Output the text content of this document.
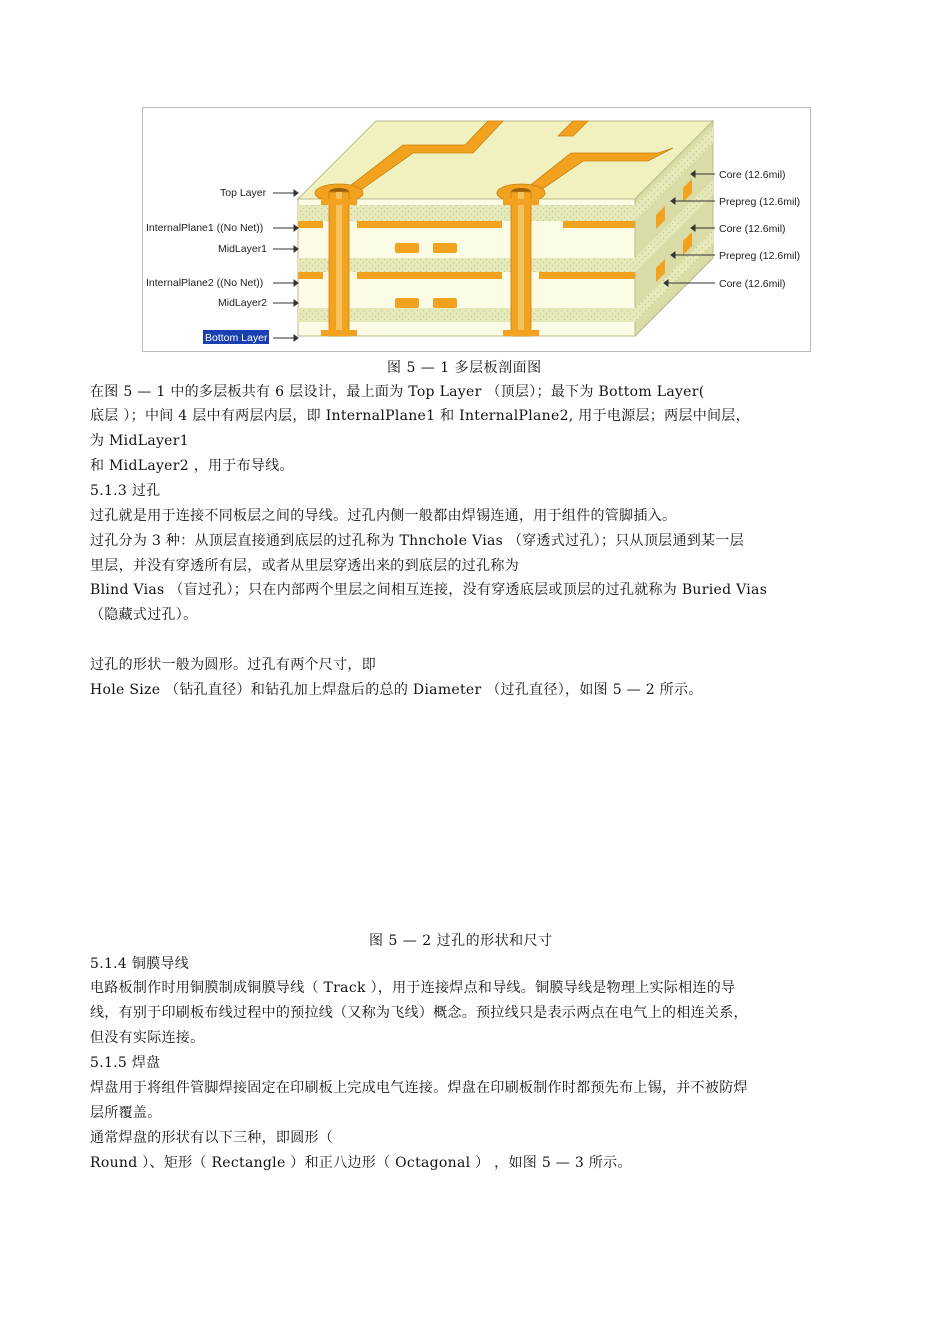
Top Layer
InternalPlane1 ((No Net))
MidLayer1
InternalPlane2 ((No Net))
MidLayer2
Bottom Layer
Core (12.6mil)
Prepreg (12.6mil)
Core (12.6mil)
Prepreg (12.6mil)
Core (12.6mil)
图 5 — 1 多层板剖面图
在图 5 — 1 中的多层板共有 6 层设计，最上面为 Top Layer （顶层）；最下为 Bottom Layer(
底层 ）；中间 4 层中有两层内层，即 InternalPlane1 和 InternalPlane2, 用于电源层；两层中间层，
为 MidLayer1
和 MidLayer2 ，用于布导线。
5.1.3 过孔
过孔就是用于连接不同板层之间的导线。过孔内侧一般都由焊锡连通，用于组件的管脚插入。
过孔分为 3 种：从顶层直接通到底层的过孔称为 Thnchole Vias （穿透式过孔）；只从顶层通到某一层
里层，并没有穿透所有层，或者从里层穿透出来的到底层的过孔称为
Blind Vias （盲过孔）；只在内部两个里层之间相互连接，没有穿透底层或顶层的过孔就称为 Buried Vias
（隐藏式过孔）。
过孔的形状一般为圆形。过孔有两个尺寸，即
Hole Size （钻孔直径）和钻孔加上焊盘后的总的 Diameter （过孔直径），如图 5 — 2 所示。
图 5 — 2 过孔的形状和尺寸
5.1.4 铜膜导线
电路板制作时用铜膜制成铜膜导线（ Track ），用于连接焊点和导线。铜膜导线是物理上实际相连的导
线，有别于印刷板布线过程中的预拉线（又称为飞线）概念。预拉线只是表示两点在电气上的相连关系，
但没有实际连接。
5.1.5 焊盘
焊盘用于将组件管脚焊接固定在印刷板上完成电气连接。焊盘在印刷板制作时都预先布上锡，并不被防焊
层所覆盖。
通常焊盘的形状有以下三种，即圆形（
Round ）、矩形（ Rectangle ）和正八边形（ Octagonal ） ，如图 5 — 3 所示。
